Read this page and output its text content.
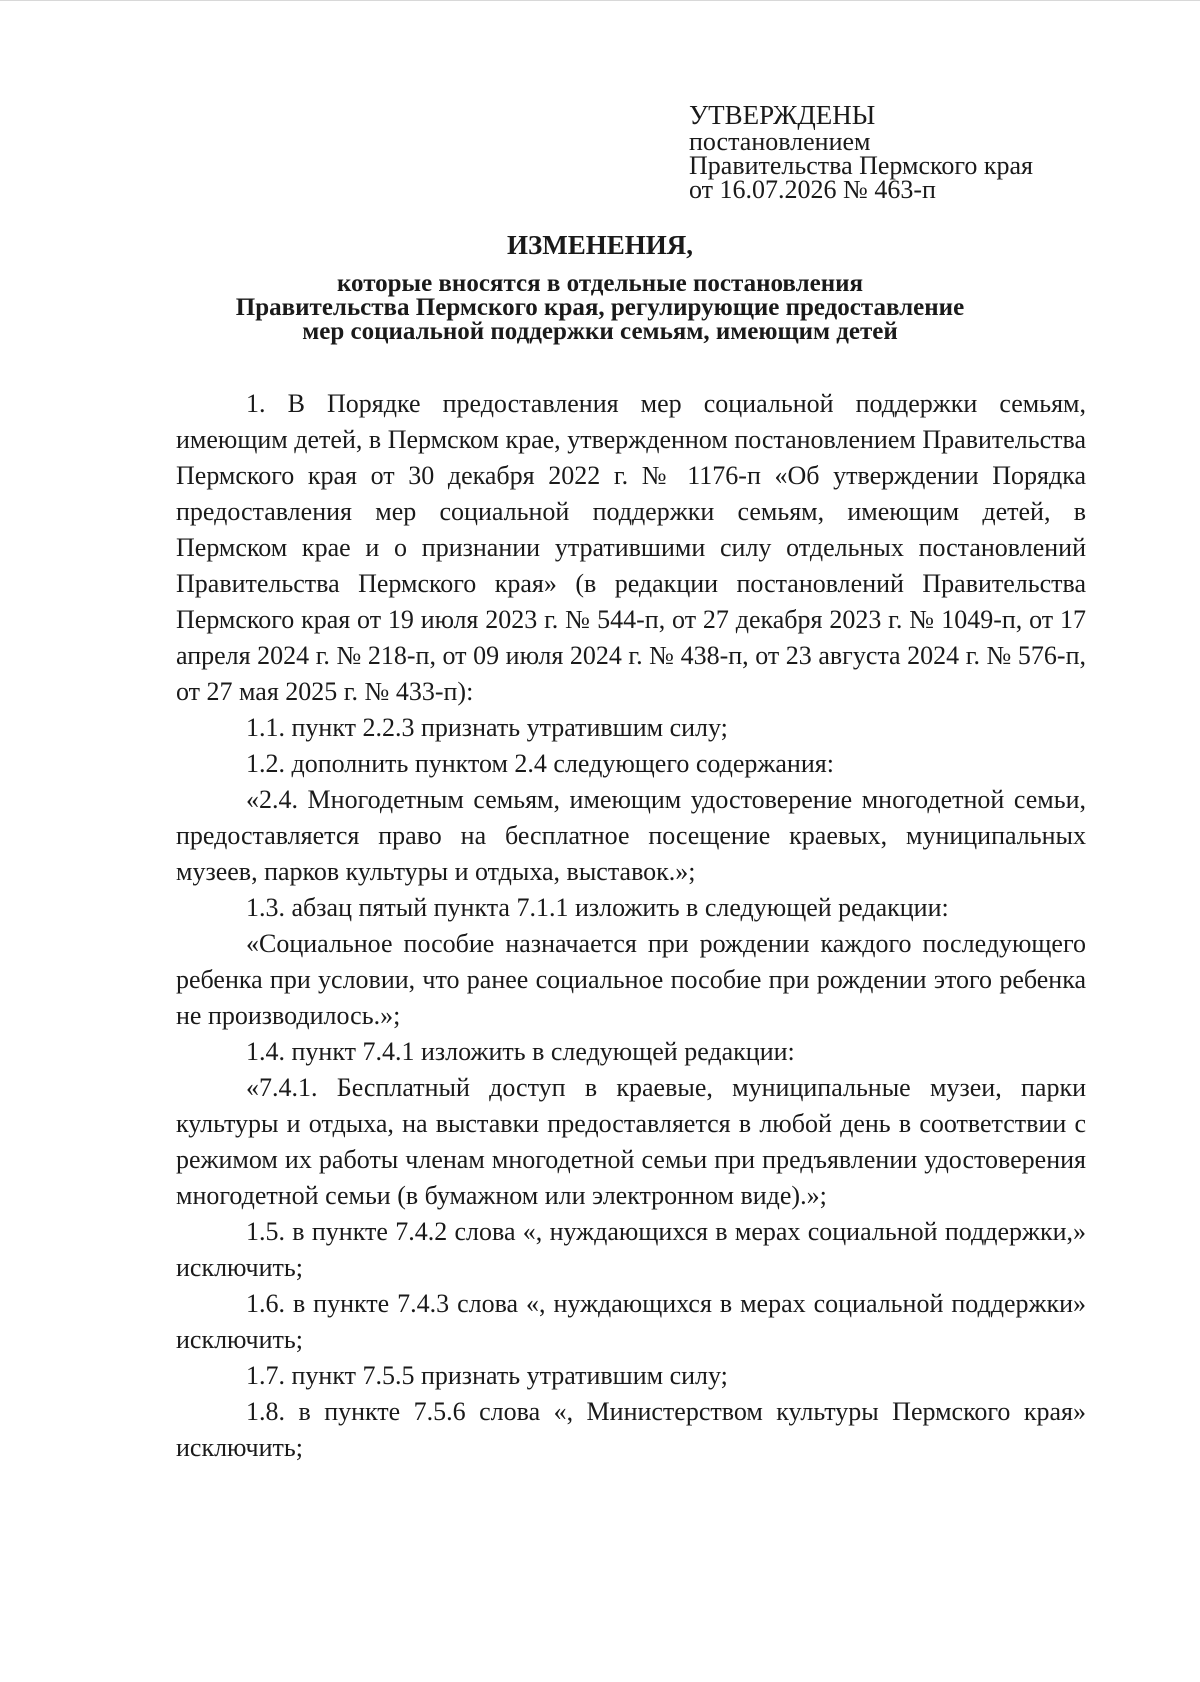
УТВЕРЖДЕНЫ
постановлением
Правительства Пермского края
от 16.07.2026 № 463-п
ИЗМЕНЕНИЯ,
которые вносятся в отдельные постановления
Правительства Пермского края, регулирующие предоставление
мер социальной поддержки семьям, имеющим детей

1. В Порядке предоставления мер социальной поддержки семьям, имеющим детей, в Пермском крае, утвержденном постановлением Правительства Пермского края от 30 декабря 2022 г. № 1176-п «Об утверждении Порядка предоставления мер социальной поддержки семьям, имеющим детей, в Пермском крае и о признании утратившими силу отдельных постановлений Правительства Пермского края» (в редакции постановлений Правительства Пермского края от 19 июля 2023 г. № 544-п, от 27 декабря 2023 г. № 1049-п, от 17 апреля 2024 г. № 218-п, от 09 июля 2024 г. № 438-п, от 23 августа 2024 г. № 576-п, от 27 мая 2025 г. № 433-п):

1.1. пункт 2.2.3 признать утратившим силу;

1.2. дополнить пунктом 2.4 следующего содержания:

«2.4. Многодетным семьям, имеющим удостоверение многодетной семьи, предоставляется право на бесплатное посещение краевых, муниципальных музеев, парков культуры и отдыха, выставок.»;

1.3. абзац пятый пункта 7.1.1 изложить в следующей редакции:

«Социальное пособие назначается при рождении каждого последующего ребенка при условии, что ранее социальное пособие при рождении этого ребенка не производилось.»;

1.4. пункт 7.4.1 изложить в следующей редакции:

«7.4.1. Бесплатный доступ в краевые, муниципальные музеи, парки культуры и отдыха, на выставки предоставляется в любой день в соответствии с режимом их работы членам многодетной семьи при предъявлении удостоверения многодетной семьи (в бумажном или электронном виде).»;

1.5. в пункте 7.4.2 слова «, нуждающихся в мерах социальной поддержки,» исключить;

1.6. в пункте 7.4.3 слова «, нуждающихся в мерах социальной поддержки» исключить;

1.7. пункт 7.5.5 признать утратившим силу;

1.8. в пункте 7.5.6 слова «, Министерством культуры Пермского края» исключить;
